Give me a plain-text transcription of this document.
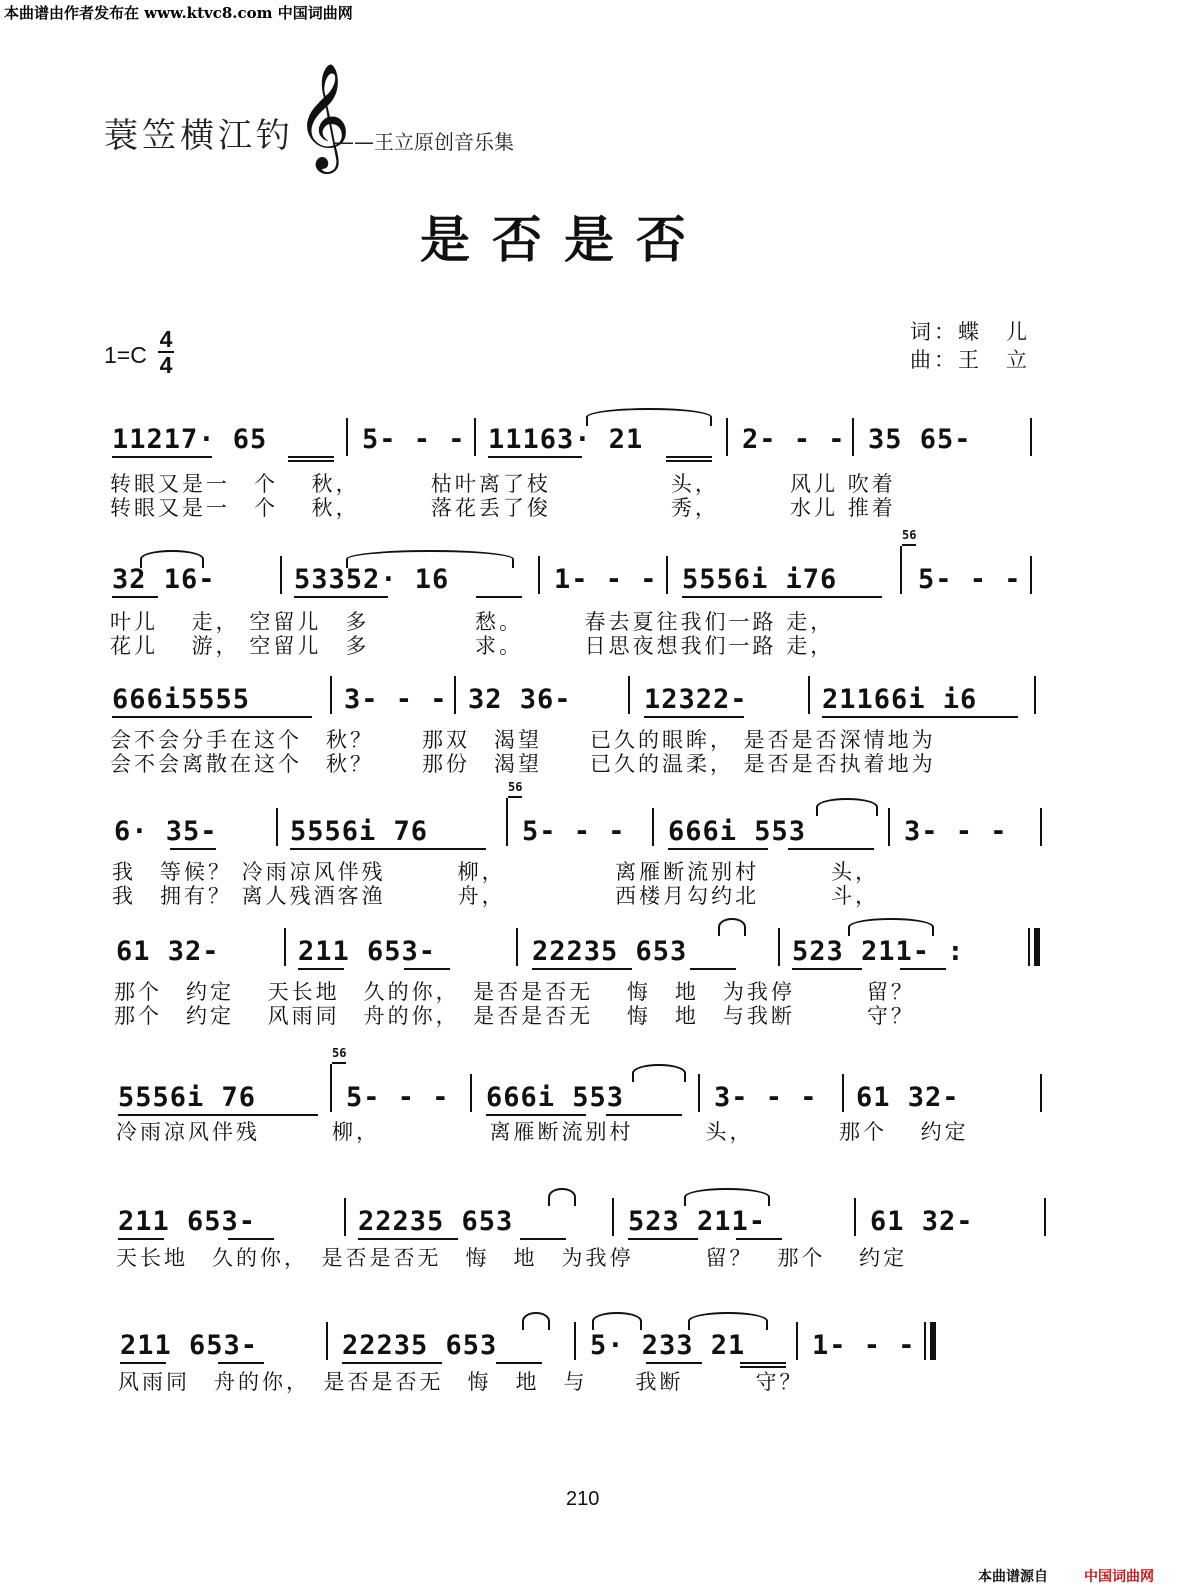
本曲谱由作者发布在 www.ktvc8.com 中国词曲网
蓑笠横江钓 𝄞
——王立原创音乐集
是否是否
词：蝶　儿
曲：王　立
1=C
4
4
11217· 65	5- - - 11163· 21	2- - - 35 65-
转眼又是一　个　 秋，　　　 枯叶离了枝　　　　　头，　　　 风儿 吹着
转眼又是一　个　 秋，　　　 落花丢了俊　　　　　秀，　　　 水儿 推着
32 16-	53352· 16	1- - - 5556i i76
56
5- - -
叶儿　 走， 空留儿　多　　　　 愁。　　　春去夏往我们一路 走，
花儿　 游， 空留儿　多　　　　 求。　　　日思夜想我们一路 走，
666i5555	3- - - 32 36-	12322-	21166i i6
会不会分手在这个　秋？　　那双　渴望　　已久的眼眸， 是否是否深情地为
会不会离散在这个　秋？　　那份　渴望　　已久的温柔， 是否是否执着地为
6· 35-	5556i 76
56
5- - - 666i 553	3- - -
我　等候？ 冷雨凉风伴残　　　柳，　　　　　离雁断流别村　　　头，
我　拥有？ 离人残酒客渔　　　舟，　　　　　西楼月勾约北　　　斗，
61 32-	211 653-	22235 653	523 211- :
那个　约定　 天长地　久的你，　是否是否无　 悔　地　为我停　　　留？
那个　约定　 风雨同　舟的你，　是否是否无　 悔　地　与我断　　　守？
5556i 76
56
5- - - 666i 553	3- - - 61 32-
冷雨凉风伴残　　　柳，　　　　　离雁断流别村　　　头，　　　　那个　 约定
211 653-	22235 653	523 211-	61 32-
天长地　久的你，　是否是否无　悔　地　为我停　　　留？　那个　 约定
211 653-	22235 653	5· 233 21 1- - -
风雨同　舟的你，　是否是否无　悔　地　与　　我断　　　守？
210
本曲谱源自	中国词曲网
